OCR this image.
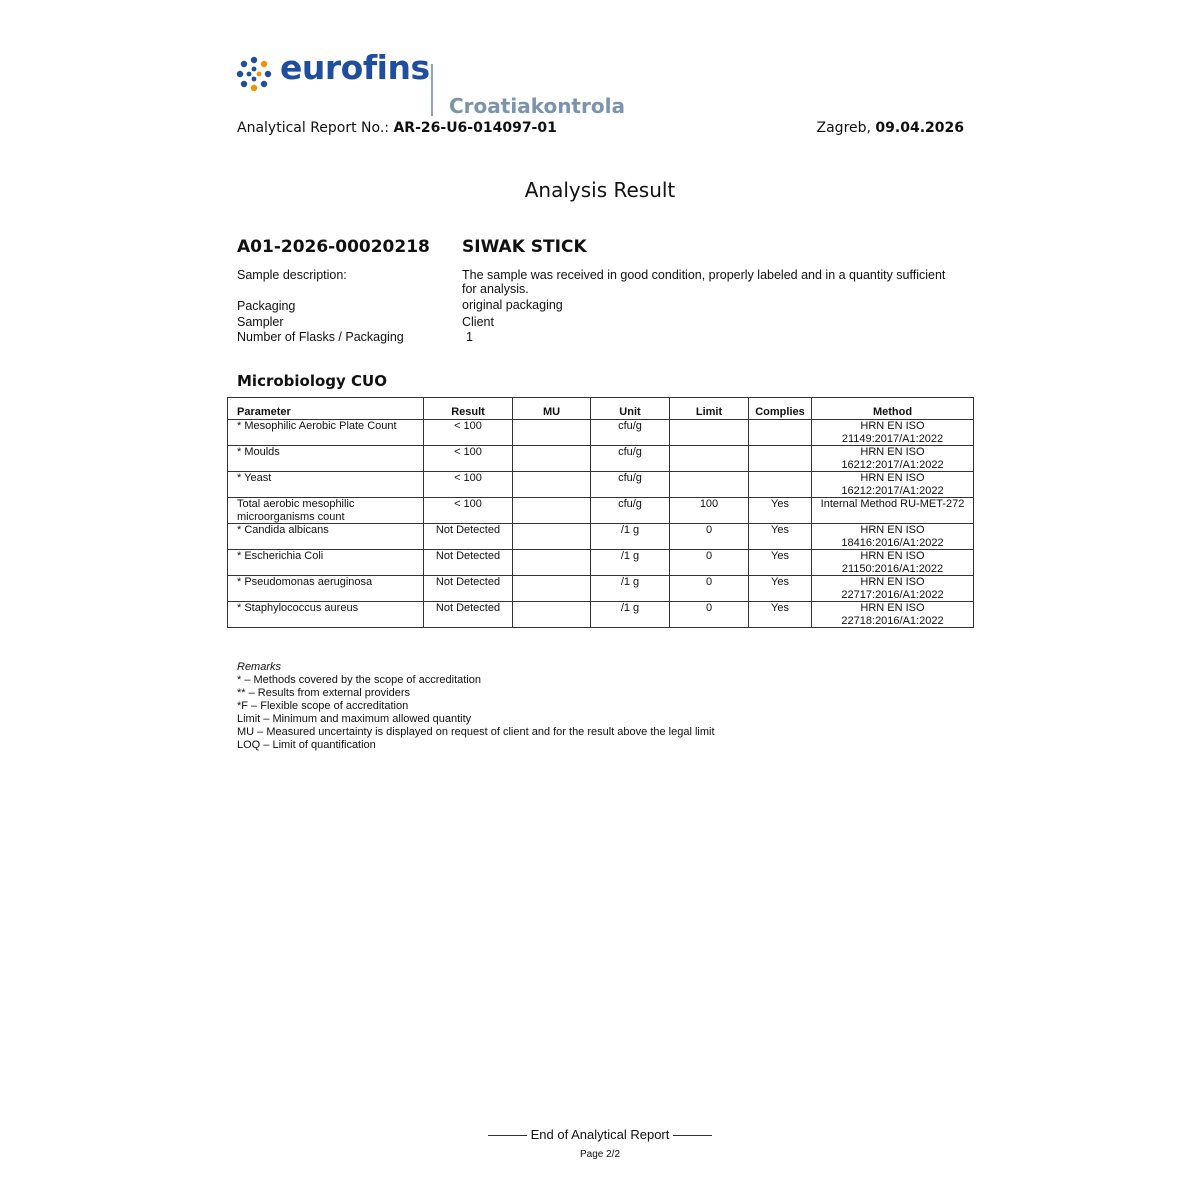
eurofins
Croatiakontrola
Analytical Report No.: AR-26-U6-014097-01	Zagreb, 09.04.2026
Analysis Result
A01-2026-00020218 SIWAK STICK
Sample description:	The sample was received in good condition, properly labeled and in a quantity sufficient for analysis.
Packaging	original packaging
Sampler	Client
Number of Flasks / Packaging	1
Microbiology CUO
Parameter	Result	MU	Unit	Limit	Complies	Method
* Mesophilic Aerobic Plate Count	< 100		cfu/g			HRN EN ISO 21149:2017/A1:2022
* Moulds	< 100		cfu/g			HRN EN ISO 16212:2017/A1:2022
* Yeast	< 100		cfu/g			HRN EN ISO 16212:2017/A1:2022
Total aerobic mesophilic microorganisms count	< 100		cfu/g	100	Yes	Internal Method RU-MET-272
* Candida albicans	Not Detected		/1 g	0	Yes	HRN EN ISO 18416:2016/A1:2022
* Escherichia Coli	Not Detected		/1 g	0	Yes	HRN EN ISO 21150:2016/A1:2022
* Pseudomonas aeruginosa	Not Detected		/1 g	0	Yes	HRN EN ISO 22717:2016/A1:2022
* Staphylococcus aureus	Not Detected		/1 g	0	Yes	HRN EN ISO 22718:2016/A1:2022
Remarks
* – Methods covered by the scope of accreditation
** – Results from external providers
*F – Flexible scope of accreditation
Limit – Minimum and maximum allowed quantity
MU – Measured uncertainty is displayed on request of client and for the result above the legal limit
LOQ – Limit of quantification
——— End of Analytical Report ———
Page 2/2
